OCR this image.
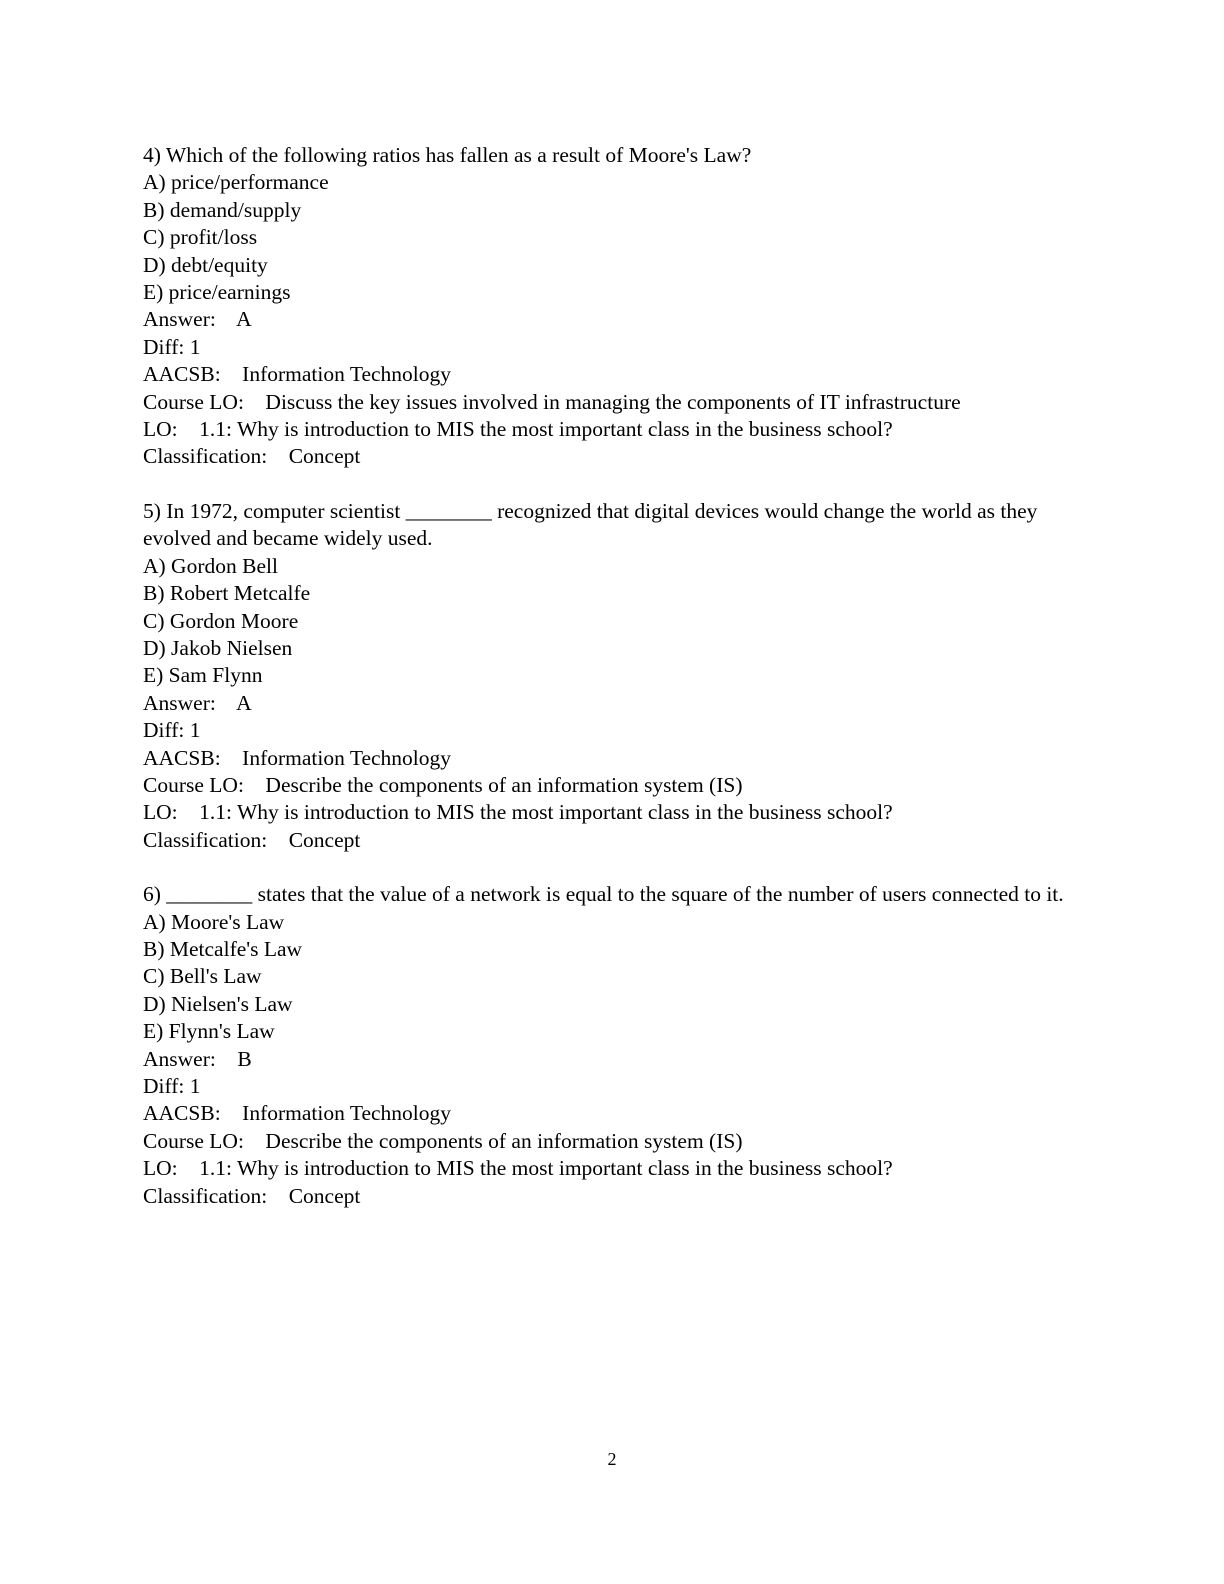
4) Which of the following ratios has fallen as a result of Moore's Law?

A) price/performance

B) demand/supply

C) profit/loss

D) debt/equity

E) price/earnings

Answer:    A

Diff: 1

AACSB:    Information Technology

Course LO:    Discuss the key issues involved in managing the components of IT infrastructure

LO:    1.1: Why is introduction to MIS the most important class in the business school?

Classification:    Concept

5) In 1972, computer scientist ________ recognized that digital devices would change the world as they evolved and became widely used.

A) Gordon Bell

B) Robert Metcalfe

C) Gordon Moore

D) Jakob Nielsen

E) Sam Flynn

Answer:    A

Diff: 1

AACSB:    Information Technology

Course LO:    Describe the components of an information system (IS)

LO:    1.1: Why is introduction to MIS the most important class in the business school?

Classification:    Concept

6) ________ states that the value of a network is equal to the square of the number of users connected to it.

A) Moore's Law

B) Metcalfe's Law

C) Bell's Law

D) Nielsen's Law

E) Flynn's Law

Answer:    B

Diff: 1

AACSB:    Information Technology

Course LO:    Describe the components of an information system (IS)

LO:    1.1: Why is introduction to MIS the most important class in the business school?

Classification:    Concept

2
